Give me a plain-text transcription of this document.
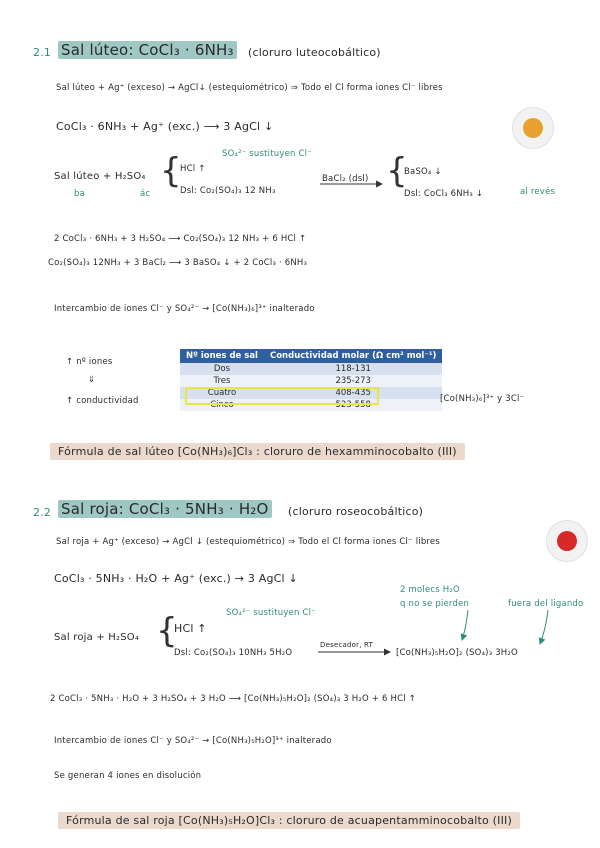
2.1 Sal lúteo: CoCl₃ · 6NH₃ (cloruro luteocobáltico)
Sal lúteo + Ag⁺ (exceso) → AgCl↓ (estequiométrico) ⇒ Todo el Cl forma iones Cl⁻ libres
CoCl₃ · 6NH₃ + Ag⁺ (exc.) ⟶ 3 AgCl ↓
SO₄²⁻ sustituyen Cl⁻
Sal lúteo + H₂SO₄
ba	ác
{
HCl ↑
Dsl: Co₂(SO₄)₃ 12 NH₃
BaCl₂ (dsl) {
BaSO₄ ↓
Dsl: CoCl₃ 6NH₃ ↓	al revés
2 CoCl₃ · 6NH₃ + 3 H₂SO₄ ⟶ Co₂(SO₄)₃ 12 NH₃ + 6 HCl ↑
Co₂(SO₄)₃ 12NH₃ + 3 BaCl₂ ⟶ 3 BaSO₄ ↓ + 2 CoCl₃ · 6NH₃
Intercambio de iones Cl⁻ y SO₄²⁻ → [Co(NH₃)₆]³⁺ inalterado
↑ nº iones
⇓
↑ conductividad
Nº iones de sal	Conductividad molar (Ω cm² mol⁻¹)
Dos	118-131
Tres	235-273
Cuatro	408-435
Cinco	523-558
[Co(NH₃)₆]³⁺ y 3Cl⁻
Fórmula de sal lúteo [Co(NH₃)₆]Cl₃ : cloruro de hexamminocobalto (III)
2.2 Sal roja: CoCl₃ · 5NH₃ · H₂O (cloruro roseocobáltico)
Sal roja + Ag⁺ (exceso) → AgCl ↓ (estequiométrico) ⇒ Todo el Cl forma iones Cl⁻ libres
CoCl₃ · 5NH₃ · H₂O + Ag⁺ (exc.) → 3 AgCl ↓
2 molecs H₂O
q no se pierden	fuera del ligando
SO₄²⁻ sustituyen Cl⁻
Sal roja + H₂SO₄ {
HCl ↑
Dsl: Co₂(SO₄)₃ 10NH₃ 5H₂O
Desecador, RT
[Co(NH₃)₅H₂O]₂ (SO₄)₃ 3H₂O
2 CoCl₃ · 5NH₃ · H₂O + 3 H₂SO₄ + 3 H₂O ⟶ [Co(NH₃)₅H₂O]₂ (SO₄)₃ 3 H₂O + 6 HCl ↑
Intercambio de iones Cl⁻ y SO₄²⁻ → [Co(NH₃)₅H₂O]³⁺ inalterado
Se generan 4 iones en disolución
Fórmula de sal roja [Co(NH₃)₅H₂O]Cl₃ : cloruro de acuapentamminocobalto (III)
